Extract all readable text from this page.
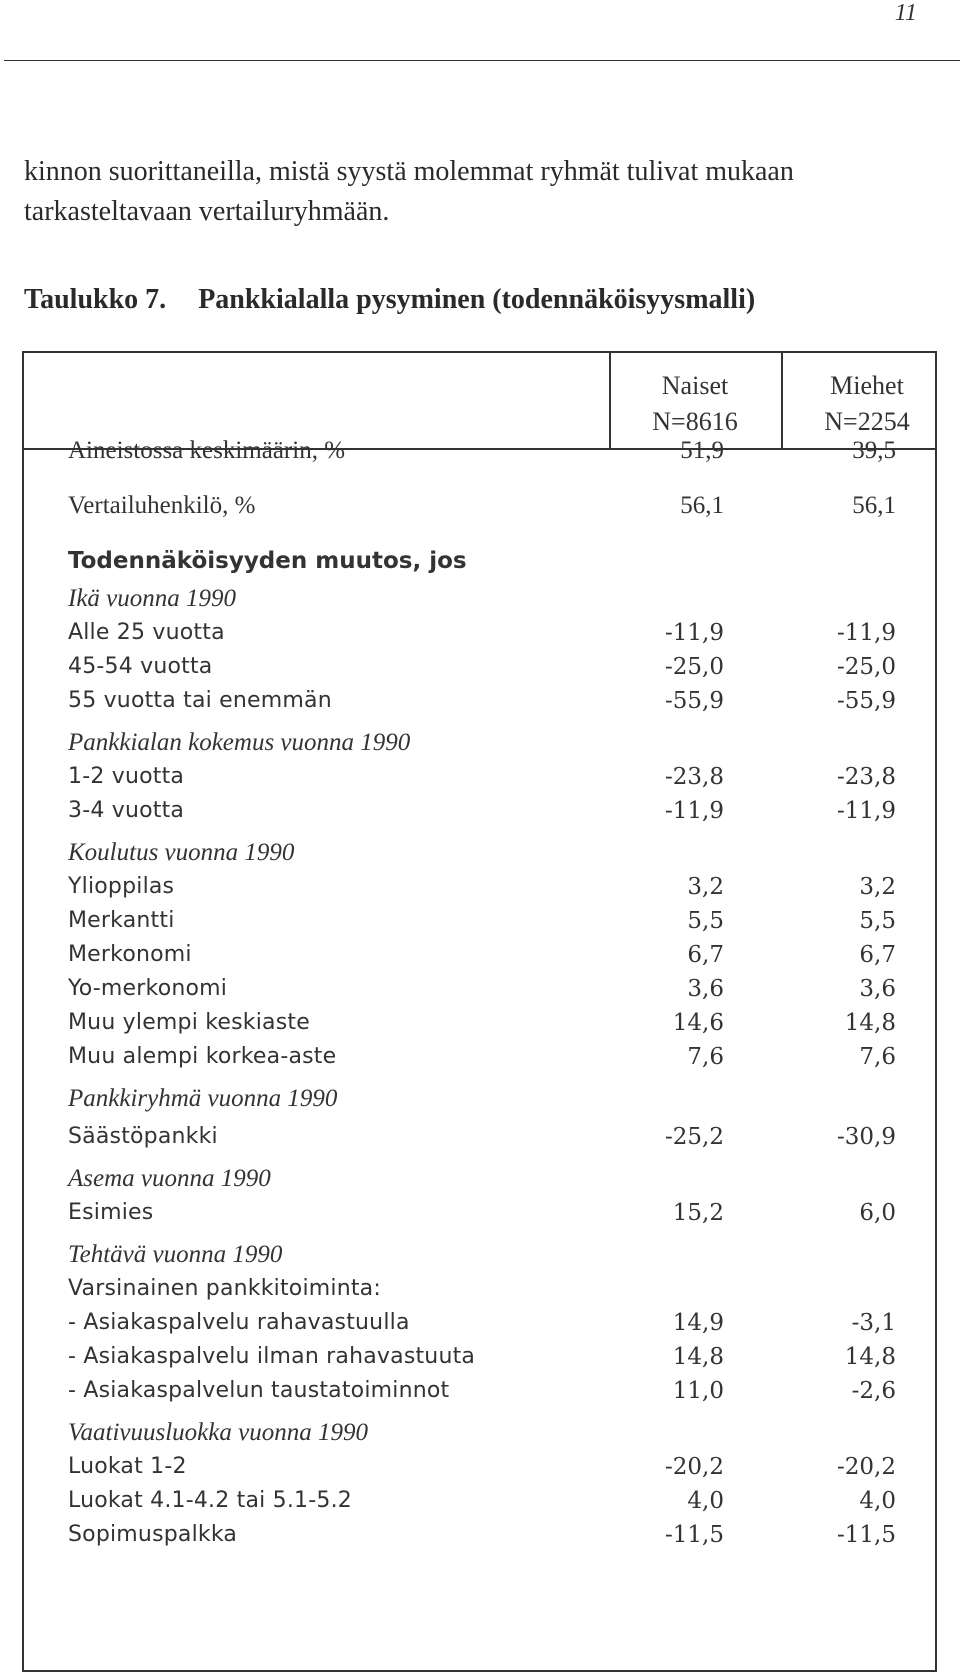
11
kinnon suorittaneilla, mistä syystä molemmat ryhmät tulivat mukaan tarkasteltavaan vertailuryhmään.
Taulukko 7. Pankkialalla pysyminen (todennäköisyysmalli)
Naiset
N=8616
Miehet
N=2254
Aineistossa keskimäärin, %	51,9	39,5
Vertailuhenkilö, %	56,1	56,1
Todennäköisyyden muutos, jos
Ikä vuonna 1990
Alle 25 vuotta	-11,9	-11,9
45-54 vuotta	-25,0	-25,0
55 vuotta tai enemmän	-55,9	-55,9
Pankkialan kokemus vuonna 1990
1-2 vuotta	-23,8	-23,8
3-4 vuotta	-11,9	-11,9
Koulutus vuonna 1990
Ylioppilas	3,2	3,2
Merkantti	5,5	5,5
Merkonomi	6,7	6,7
Yo-merkonomi	3,6	3,6
Muu ylempi keskiaste	14,6	14,8
Muu alempi korkea-aste	7,6	7,6
Pankkiryhmä vuonna 1990
Säästöpankki	-25,2	-30,9
Asema vuonna 1990
Esimies	15,2	6,0
Tehtävä vuonna 1990
Varsinainen pankkitoiminta:
- Asiakaspalvelu rahavastuulla	14,9	-3,1
- Asiakaspalvelu ilman rahavastuuta	14,8	14,8
- Asiakaspalvelun taustatoiminnot	11,0	-2,6
Vaativuusluokka vuonna 1990
Luokat 1-2	-20,2	-20,2
Luokat 4.1-4.2 tai 5.1-5.2	4,0	4,0
Sopimuspalkka	-11,5	-11,5
